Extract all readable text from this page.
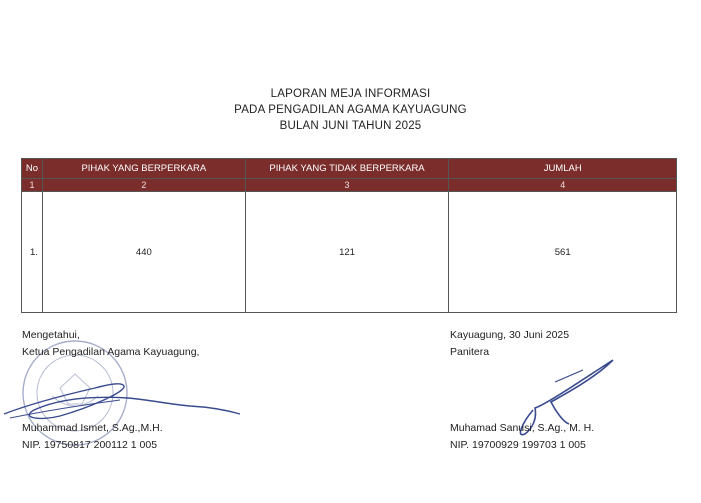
LAPORAN MEJA INFORMASI
PADA PENGADILAN AGAMA KAYUAGUNG
BULAN JUNI TAHUN 2025
No	PIHAK YANG BERPERKARA	PIHAK YANG TIDAK BERPERKARA	JUMLAH
1	2	3	4
1.	440	121	561
Mengetahui,
Ketua Pengadilan Agama Kayuagung,
Muhammad Ismet, S.Ag.,M.H.
NIP. 19750817 200112 1 005
Kayuagung, 30 Juni 2025
Panitera
Muhamad Sanusi, S.Ag., M. H.
NIP. 19700929 199703 1 005
